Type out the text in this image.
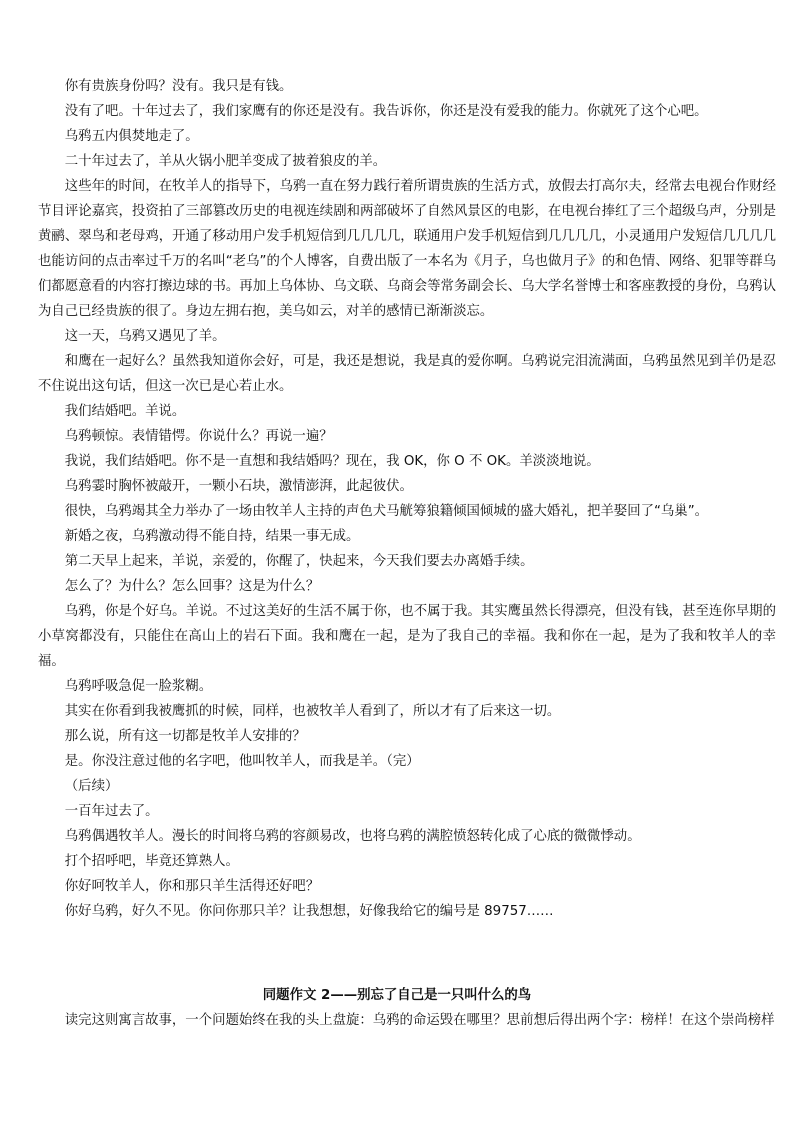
你有贵族身份吗？没有。我只是有钱。

没有了吧。十年过去了，我们家鹰有的你还是没有。我告诉你，你还是没有爱我的能力。你就死了这个心吧。

乌鸦五内俱焚地走了。

二十年过去了，羊从火锅小肥羊变成了披着狼皮的羊。

这些年的时间，在牧羊人的指导下，乌鸦一直在努力践行着所谓贵族的生活方式，放假去打高尔夫，经常去电视台作财经节目评论嘉宾，投资拍了三部篡改历史的电视连续剧和两部破坏了自然风景区的电影，在电视台捧红了三个超级乌声，分别是黄鹂、翠鸟和老母鸡，开通了移动用户发手机短信到几几几几，联通用户发手机短信到几几几几，小灵通用户发短信几几几几也能访问的点击率过千万的名叫“老乌”的个人博客，自费出版了一本名为《月子，乌也做月子》的和色情、网络、犯罪等群乌们都愿意看的内容打擦边球的书。再加上乌体协、乌文联、乌商会等常务副会长、乌大学名誉博士和客座教授的身份，乌鸦认为自己已经贵族的很了。身边左拥右抱，美乌如云，对羊的感情已渐渐淡忘。

这一天，乌鸦又遇见了羊。

和鹰在一起好么？虽然我知道你会好，可是，我还是想说，我是真的爱你啊。乌鸦说完泪流满面，乌鸦虽然见到羊仍是忍不住说出这句话，但这一次已是心若止水。

我们结婚吧。羊说。

乌鸦顿惊。表情错愕。你说什么？再说一遍？

我说，我们结婚吧。你不是一直想和我结婚吗？现在，我 OK，你 O 不 OK。羊淡淡地说。

乌鸦霎时胸怀被敲开，一颗小石块，激情澎湃，此起彼伏。

很快，乌鸦竭其全力举办了一场由牧羊人主持的声色犬马觥筹狼籍倾国倾城的盛大婚礼，把羊娶回了“乌巢”。

新婚之夜，乌鸦激动得不能自持，结果一事无成。

第二天早上起来，羊说，亲爱的，你醒了，快起来，今天我们要去办离婚手续。

怎么了？为什么？怎么回事？这是为什么？

乌鸦，你是个好乌。羊说。不过这美好的生活不属于你，也不属于我。其实鹰虽然长得漂亮，但没有钱，甚至连你早期的小草窝都没有，只能住在高山上的岩石下面。我和鹰在一起，是为了我自己的幸福。我和你在一起，是为了我和牧羊人的幸福。

乌鸦呼吸急促一脸浆糊。

其实在你看到我被鹰抓的时候，同样，也被牧羊人看到了，所以才有了后来这一切。

那么说，所有这一切都是牧羊人安排的？

是。你没注意过他的名字吧，他叫牧羊人，而我是羊。（完）

（后续）

一百年过去了。

乌鸦偶遇牧羊人。漫长的时间将乌鸦的容颜易改，也将乌鸦的满腔愤怒转化成了心底的微微悸动。

打个招呼吧，毕竟还算熟人。

你好呵牧羊人，你和那只羊生活得还好吧？

你好乌鸦，好久不见。你问你那只羊？让我想想，好像我给它的编号是 89757……

同题作文 2——别忘了自己是一只叫什么的鸟

读完这则寓言故事，一个问题始终在我的头上盘旋：乌鸦的命运毁在哪里？思前想后得出两个字：榜样！在这个崇尚榜样
